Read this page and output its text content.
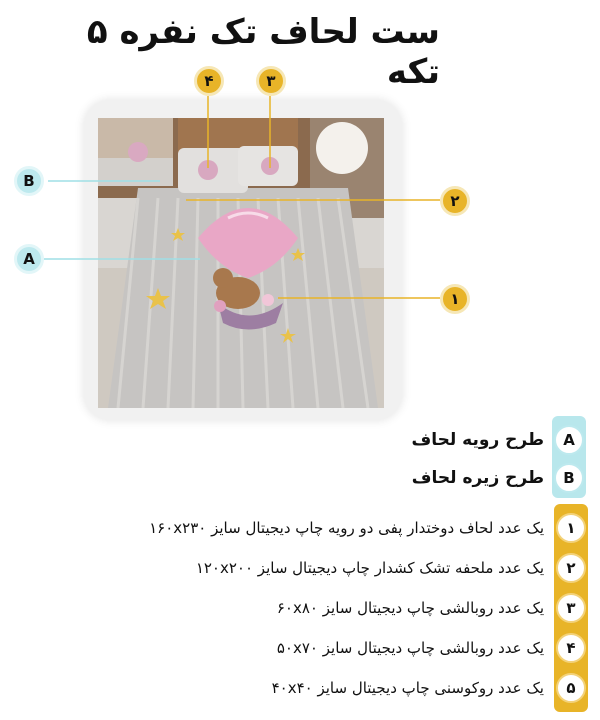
ست لحاف تک نفره ۵ تکه
۴	۳
۲
۱
B
A
A
طرح رویه لحاف
B
طرح زیره لحاف
۱
یک عدد لحاف دوختدار پفی دو رویه چاپ دیجیتال سایز ۱۶۰x۲۳۰
۲
یک عدد ملحفه تشک کشدار چاپ دیجیتال سایز ۱۲۰x۲۰۰
۳
یک عدد روبالشی چاپ دیجیتال سایز ۶۰x۸۰
۴
یک عدد روبالشی چاپ دیجیتال سایز ۵۰x۷۰
۵
یک عدد روکوسنی چاپ دیجیتال سایز ۴۰x۴۰
